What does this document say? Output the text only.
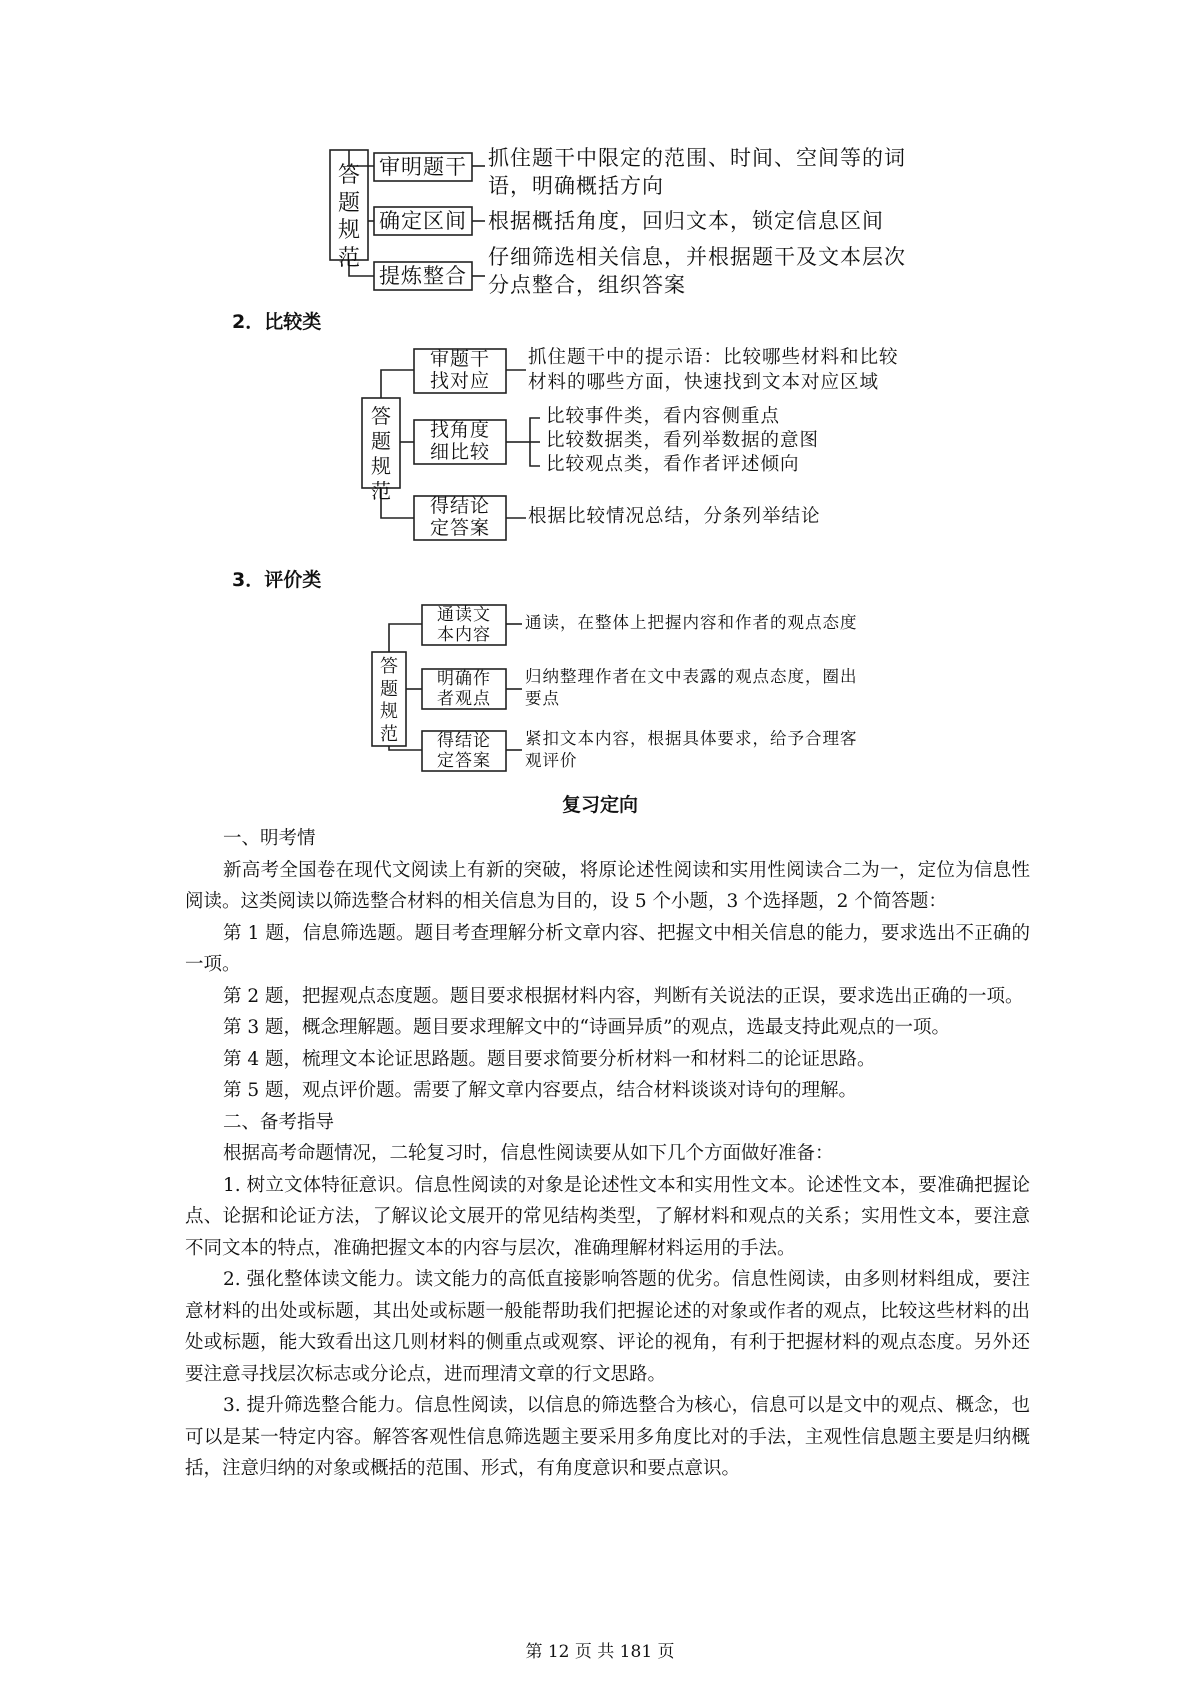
答题规范
审明题干
确定区间
提炼整合
抓住题干中限定的范围、时间、空间等的词
语，明确概括方向
根据概括角度，回归文本，锁定信息区间
仔细筛选相关信息，并根据题干及文本层次
分点整合，组织答案
2．比较类
答题规范
审题干
找对应
找角度
细比较
得结论
定答案
抓住题干中的提示语：比较哪些材料和比较
材料的哪些方面，快速找到文本对应区域
比较事件类，看内容侧重点
比较数据类，看列举数据的意图
比较观点类，看作者评述倾向
根据比较情况总结，分条列举结论
3．评价类
答题规范
通读文
本内容
明确作
者观点
得结论
定答案
通读，在整体上把握内容和作者的观点态度
归纳整理作者在文中表露的观点态度，圈出
要点
紧扣文本内容，根据具体要求，给予合理客
观评价
复习定向

一、明考情

新高考全国卷在现代文阅读上有新的突破，将原论述性阅读和实用性阅读合二为一，定位为信息性阅读。这类阅读以筛选整合材料的相关信息为目的，设 5 个小题，3 个选择题，2 个简答题：

第 1 题，信息筛选题。题目考查理解分析文章内容、把握文中相关信息的能力，要求选出不正确的一项。

第 2 题，把握观点态度题。题目要求根据材料内容，判断有关说法的正误，要求选出正确的一项。

第 3 题，概念理解题。题目要求理解文中的“诗画异质”的观点，选最支持此观点的一项。

第 4 题，梳理文本论证思路题。题目要求简要分析材料一和材料二的论证思路。

第 5 题，观点评价题。需要了解文章内容要点，结合材料谈谈对诗句的理解。

二、备考指导

根据高考命题情况，二轮复习时，信息性阅读要从如下几个方面做好准备：

1. 树立文体特征意识。信息性阅读的对象是论述性文本和实用性文本。论述性文本，要准确把握论点、论据和论证方法，了解议论文展开的常见结构类型，了解材料和观点的关系；实用性文本，要注意不同文本的特点，准确把握文本的内容与层次，准确理解材料运用的手法。

2. 强化整体读文能力。读文能力的高低直接影响答题的优劣。信息性阅读，由多则材料组成，要注意材料的出处或标题，其出处或标题一般能帮助我们把握论述的对象或作者的观点，比较这些材料的出处或标题，能大致看出这几则材料的侧重点或观察、评论的视角，有利于把握材料的观点态度。另外还要注意寻找层次标志或分论点，进而理清文章的行文思路。

3. 提升筛选整合能力。信息性阅读，以信息的筛选整合为核心，信息可以是文中的观点、概念，也可以是某一特定内容。解答客观性信息筛选题主要采用多角度比对的手法，主观性信息题主要是归纳概括，注意归纳的对象或概括的范围、形式，有角度意识和要点意识。

第 12 页 共 181 页
